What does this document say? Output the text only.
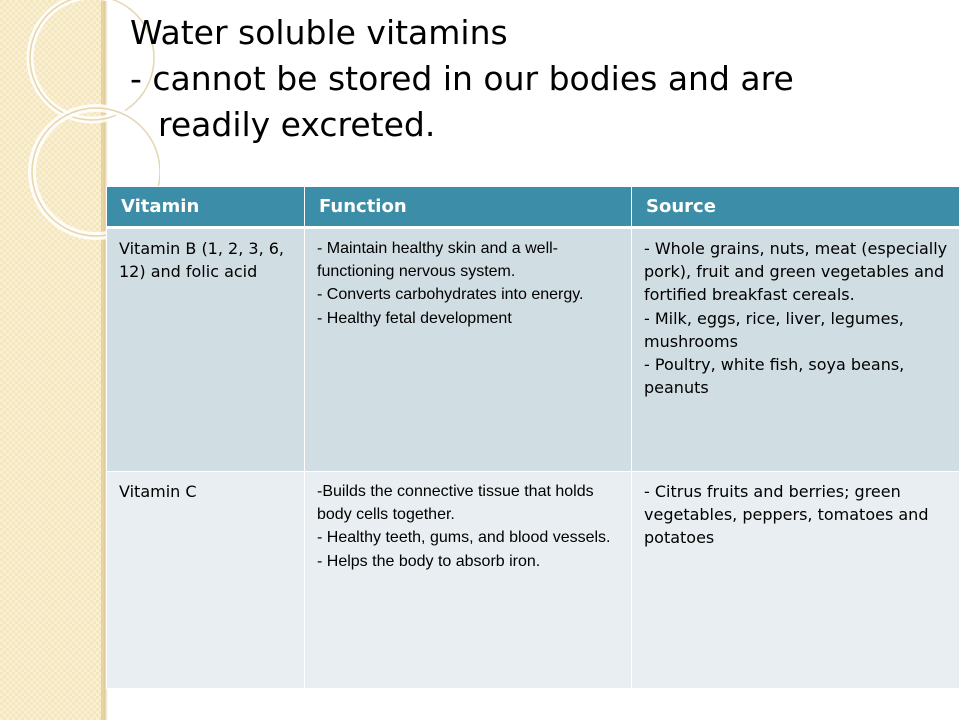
Water soluble vitamins
- cannot be stored in our bodies and are
readily excreted.
Vitamin	Function	Source
Vitamin B (1, 2, 3, 6, 12) and folic acid	- Maintain healthy skin and a well-functioning nervous system.
- Converts carbohydrates into energy.
- Healthy fetal development	- Whole grains, nuts, meat (especially pork), fruit and green vegetables and fortified breakfast cereals.
- Milk, eggs, rice, liver, legumes, mushrooms
- Poultry, white fish, soya beans, peanuts

Vitamin C	-Builds the connective tissue that holds body cells together.
- Healthy teeth, gums, and blood vessels.
- Helps the body to absorb iron.	- Citrus fruits and berries; green vegetables, peppers, tomatoes and potatoes
